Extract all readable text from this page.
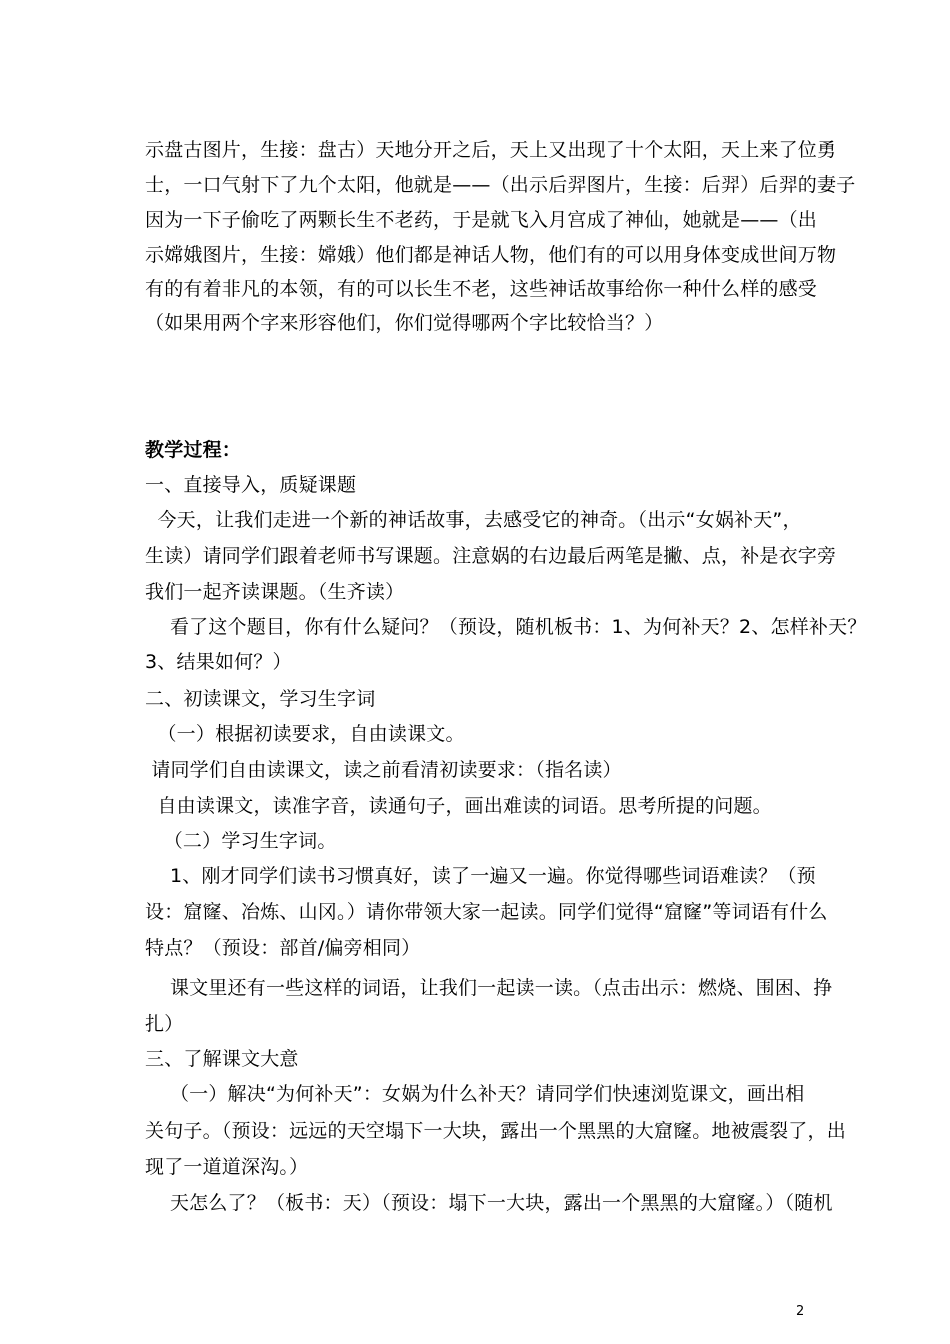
示盘古图片，生接：盘古）天地分开之后，天上又出现了十个太阳，天上来了位勇
士，一口气射下了九个太阳，他就是——（出示后羿图片，生接：后羿）后羿的妻子
因为一下子偷吃了两颗长生不老药，于是就飞入月宫成了神仙，她就是——（出
示嫦娥图片，生接：嫦娥）他们都是神话人物，他们有的可以用身体变成世间万物
有的有着非凡的本领，有的可以长生不老，这些神话故事给你一种什么样的感受
（如果用两个字来形容他们，你们觉得哪两个字比较恰当？）
教学过程：
一、直接导入，质疑课题
今天，让我们走进一个新的神话故事，去感受它的神奇。（出示“女娲补天”，
生读）请同学们跟着老师书写课题。注意娲的右边最后两笔是撇、点，补是衣字旁
我们一起齐读课题。（生齐读）
看了这个题目，你有什么疑问？（预设，随机板书：1、为何补天？2、怎样补天？
3、结果如何？）
二、初读课文，学习生字词
（一）根据初读要求，自由读课文。
请同学们自由读课文，读之前看清初读要求：（指名读）
自由读课文，读准字音，读通句子，画出难读的词语。思考所提的问题。
（二）学习生字词。
1、刚才同学们读书习惯真好，读了一遍又一遍。你觉得哪些词语难读？（预
设：窟窿、冶炼、山冈。）请你带领大家一起读。同学们觉得“窟窿”等词语有什么
特点？（预设：部首/偏旁相同）
课文里还有一些这样的词语，让我们一起读一读。（点击出示：燃烧、围困、挣
扎）
三、了解课文大意
（一）解决“为何补天”：女娲为什么补天？请同学们快速浏览课文，画出相
关句子。（预设：远远的天空塌下一大块，露出一个黑黑的大窟窿。地被震裂了，出
现了一道道深沟。）
天怎么了？（板书：天）（预设：塌下一大块，露出一个黑黑的大窟窿。）（随机
2
